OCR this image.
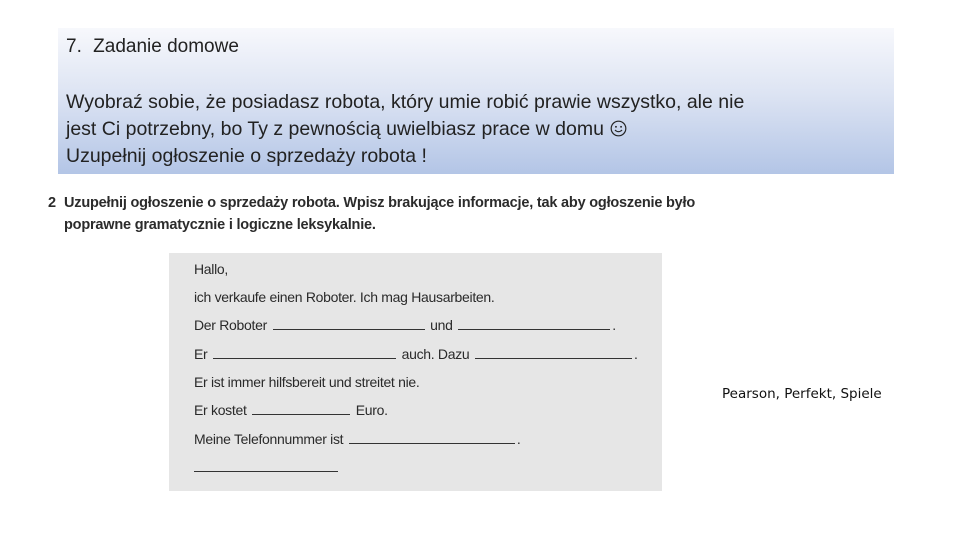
7. Zadanie domowe
Wyobraź sobie, że posiadasz robota, który umie robić prawie wszystko, ale nie
jest Ci potrzebny, bo Ty z pewnością uwielbiasz prace w domu
Uzupełnij ogłoszenie o sprzedaży robota !
2 Uzupełnij ogłoszenie o sprzedaży robota. Wpisz brakujące informacje, tak aby ogłoszenie było poprawne gramatycznie i logiczne leksykalnie.
Hallo,
ich verkaufe einen Roboter. Ich mag Hausarbeiten.
Der Roboter	und	.
Er	auch. Dazu	.
Er ist immer hilfsbereit und streitet nie.
Er kostet	Euro.
Meine Telefonnummer ist	.
Pearson, Perfekt, Spiele
